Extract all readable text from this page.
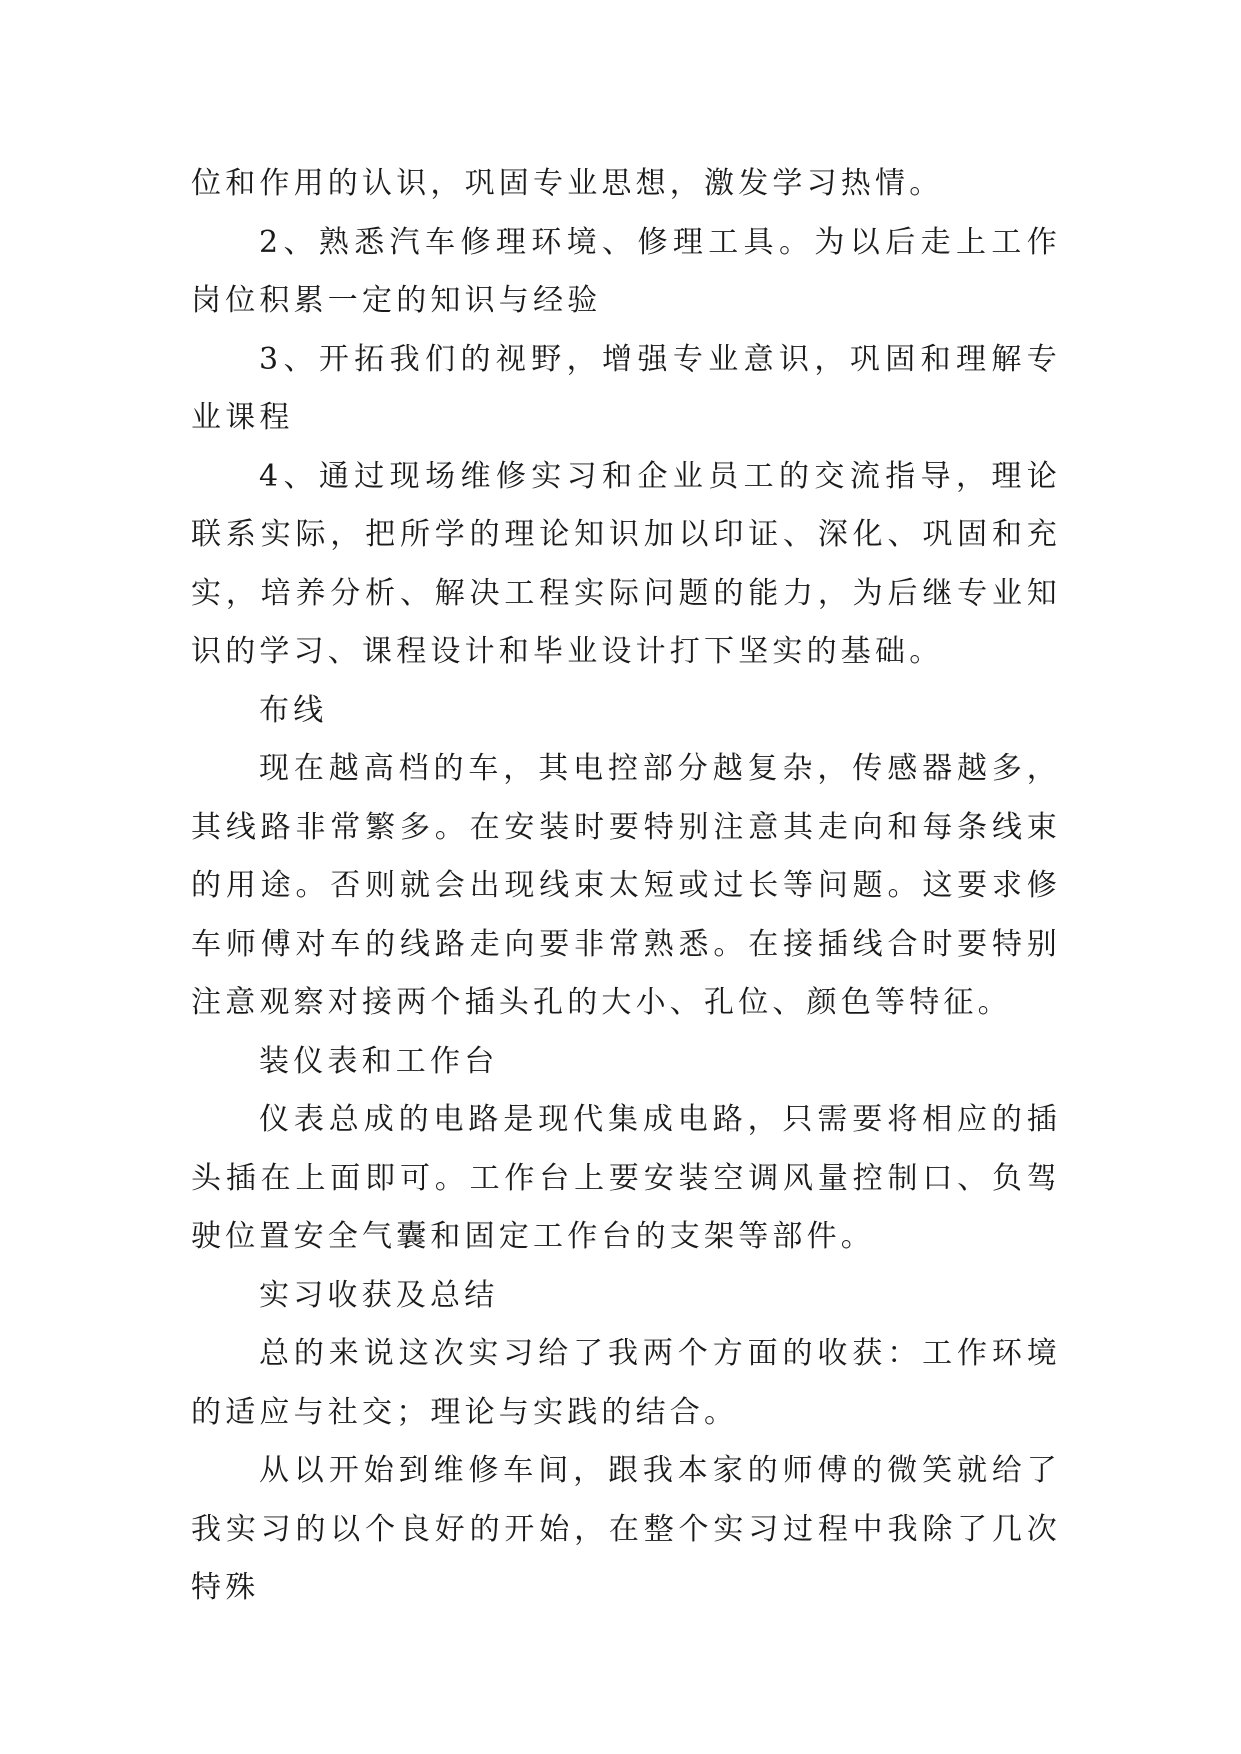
位和作用的认识，巩固专业思想，激发学习热情。

2、熟悉汽车修理环境、修理工具。为以后走上工作岗位积累一定的知识与经验

3、开拓我们的视野，增强专业意识，巩固和理解专业课程

4、通过现场维修实习和企业员工的交流指导，理论联系实际，把所学的理论知识加以印证、深化、巩固和充实，培养分析、解决工程实际问题的能力，为后继专业知识的学习、课程设计和毕业设计打下坚实的基础。

布线

现在越高档的车，其电控部分越复杂，传感器越多，其线路非常繁多。在安装时要特别注意其走向和每条线束的用途。否则就会出现线束太短或过长等问题。这要求修车师傅对车的线路走向要非常熟悉。在接插线合时要特别注意观察对接两个插头孔的大小、孔位、颜色等特征。

装仪表和工作台

仪表总成的电路是现代集成电路，只需要将相应的插头插在上面即可。工作台上要安装空调风量控制口、负驾驶位置安全气囊和固定工作台的支架等部件。

实习收获及总结

总的来说这次实习给了我两个方面的收获：工作环境的适应与社交；理论与实践的结合。

从以开始到维修车间，跟我本家的师傅的微笑就给了我实习的以个良好的开始，在整个实习过程中我除了几次特殊
